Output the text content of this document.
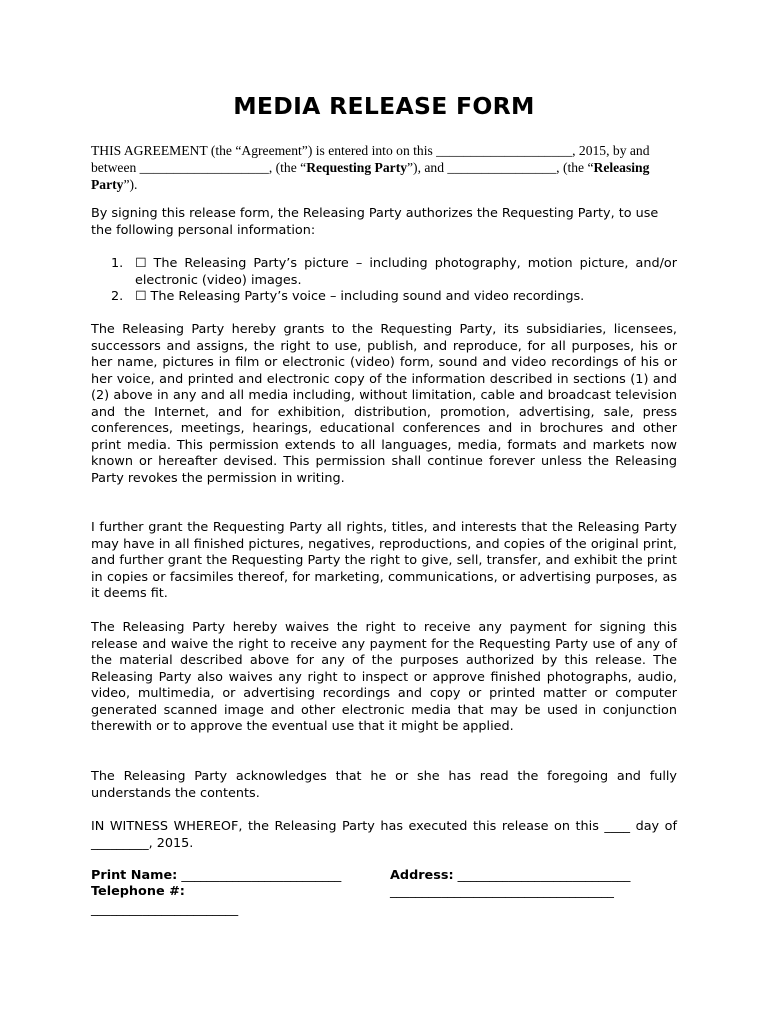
MEDIA RELEASE FORM
THIS AGREEMENT (the “Agreement”) is entered into on this ____________________, 2015, by and between ___________________, (the “Requesting Party”), and ________________, (the “Releasing Party”).
By signing this release form, the Releasing Party authorizes the Requesting Party, to use the following personal information:
1. ☐ The Releasing Party’s picture – including photography, motion picture, and/or electronic (video) images.
2. ☐ The Releasing Party’s voice – including sound and video recordings.
The Releasing Party hereby grants to the Requesting Party, its subsidiaries, licensees, successors and assigns, the right to use, publish, and reproduce, for all purposes, his or her name, pictures in film or electronic (video) form, sound and video recordings of his or her voice, and printed and electronic copy of the information described in sections (1) and (2) above in any and all media including, without limitation, cable and broadcast television and the Internet, and for exhibition, distribution, promotion, advertising, sale, press conferences, meetings, hearings, educational conferences and in brochures and other print media. This permission extends to all languages, media, formats and markets now known or hereafter devised. This permission shall continue forever unless the Releasing Party revokes the permission in writing.
I further grant the Requesting Party all rights, titles, and interests that the Releasing Party may have in all finished pictures, negatives, reproductions, and copies of the original print, and further grant the Requesting Party the right to give, sell, transfer, and exhibit the print in copies or facsimiles thereof, for marketing, communications, or advertising purposes, as it deems fit.
The Releasing Party hereby waives the right to receive any payment for signing this release and waive the right to receive any payment for the Requesting Party use of any of the material described above for any of the purposes authorized by this release. The Releasing Party also waives any right to inspect or approve finished photographs, audio, video, multimedia, or advertising recordings and copy or printed matter or computer generated scanned image and other electronic media that may be used in conjunction therewith or to approve the eventual use that it might be applied.
The Releasing Party acknowledges that he or she has read the foregoing and fully understands the contents.
IN WITNESS WHEREOF, the Releasing Party has executed this release on this ____ day of _________, 2015.
Print Name: _________________________	Address: ___________________________
Telephone #:	___________________________________
_______________________
